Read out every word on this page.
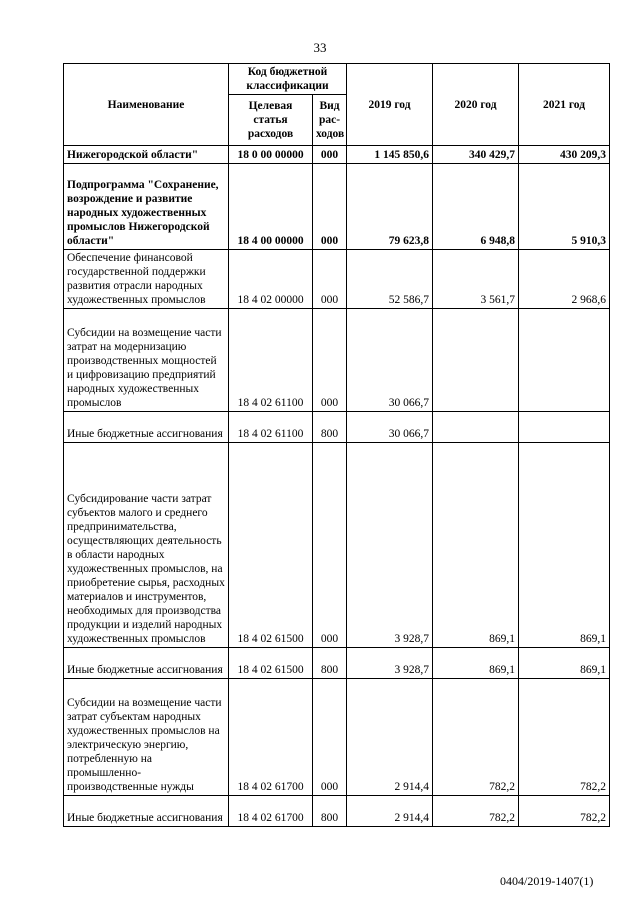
33
Наименование	Код бюджетной классификации		2019 год	2020 год	2021 год
	Целевая статья расходов	Вид рас-ходов			
Нижегородской области"	18 0 00 00000	000	1 145 850,6	340 429,7	430 209,3
Подпрограмма "Сохранение, возрождение и развитие народных художественных промыслов Нижегородской области"	18 4 00 00000	000	79 623,8	6 948,8	5 910,3
Обеспечение финансовой государственной поддержки развития отрасли народных художественных промыслов	18 4 02 00000	000	52 586,7	3 561,7	2 968,6
Субсидии на возмещение части затрат на модернизацию производственных мощностей и цифровизацию предприятий народных художественных промыслов	18 4 02 61100	000	30 066,7		
Иные бюджетные ассигнования	18 4 02 61100	800	30 066,7		
Субсидирование части затрат субъектов малого и среднего предпринимательства, осуществляющих деятельность в области народных художественных промыслов, на приобретение сырья, расходных материалов и инструментов, необходимых для производства продукции и изделий народных художественных промыслов	18 4 02 61500	000	3 928,7	869,1	869,1
Иные бюджетные ассигнования	18 4 02 61500	800	3 928,7	869,1	869,1
Субсидии на возмещение части затрат субъектам народных художественных промыслов на электрическую энергию, потребленную на промышленно-производственные нужды	18 4 02 61700	000	2 914,4	782,2	782,2
Иные бюджетные ассигнования	18 4 02 61700	800	2 914,4	782,2	782,2
0404/2019-1407(1)
